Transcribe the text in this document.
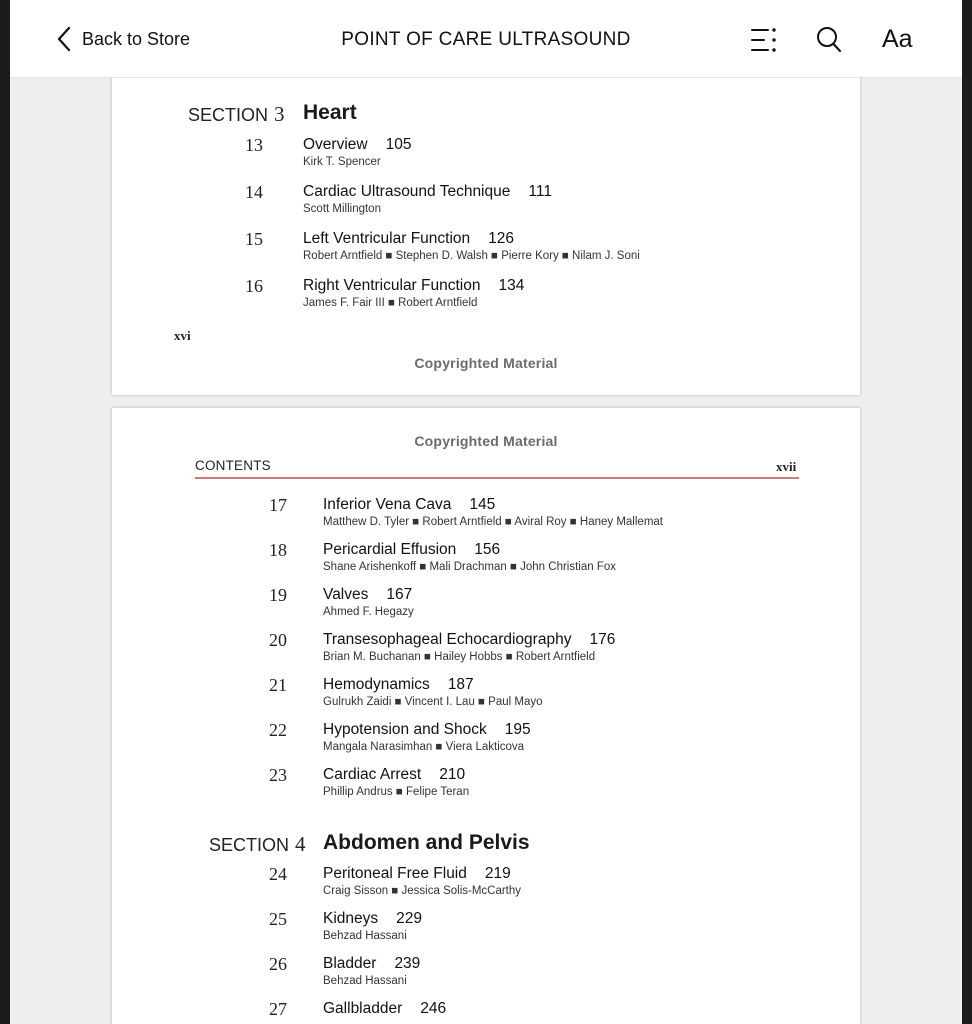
SECTION 3 Heart
13	Overview 105
Kirk T. Spencer
14	Cardiac Ultrasound Technique 111
Scott Millington
15	Left Ventricular Function 126
Robert Arntfield ■ Stephen D. Walsh ■ Pierre Kory ■ Nilam J. Soni
16	Right Ventricular Function 134
James F. Fair III ■ Robert Arntfield
xvi
Copyrighted Material
Copyrighted Material
CONTENTS	xvii
17 Inferior Vena Cava 145
Matthew D. Tyler ■ Robert Arntfield ■ Aviral Roy ■ Haney Mallemat
18 Pericardial Effusion 156
Shane Arishenkoff ■ Mali Drachman ■ John Christian Fox
19 Valves 167
Ahmed F. Hegazy
20 Transesophageal Echocardiography 176
Brian M. Buchanan ■ Hailey Hobbs ■ Robert Arntfield
21 Hemodynamics 187
Gulrukh Zaidi ■ Vincent I. Lau ■ Paul Mayo
22 Hypotension and Shock 195
Mangala Narasimhan ■ Viera Lakticova
23 Cardiac Arrest 210
Phillip Andrus ■ Felipe Teran
SECTION 4 Abdomen and Pelvis
24 Peritoneal Free Fluid 219
Craig Sisson ■ Jessica Solis-McCarthy
25 Kidneys 229
Behzad Hassani
26 Bladder 239
Behzad Hassani
27 Gallbladder 246
Back to Store	POINT OF CARE ULTRASOUND	Aa
